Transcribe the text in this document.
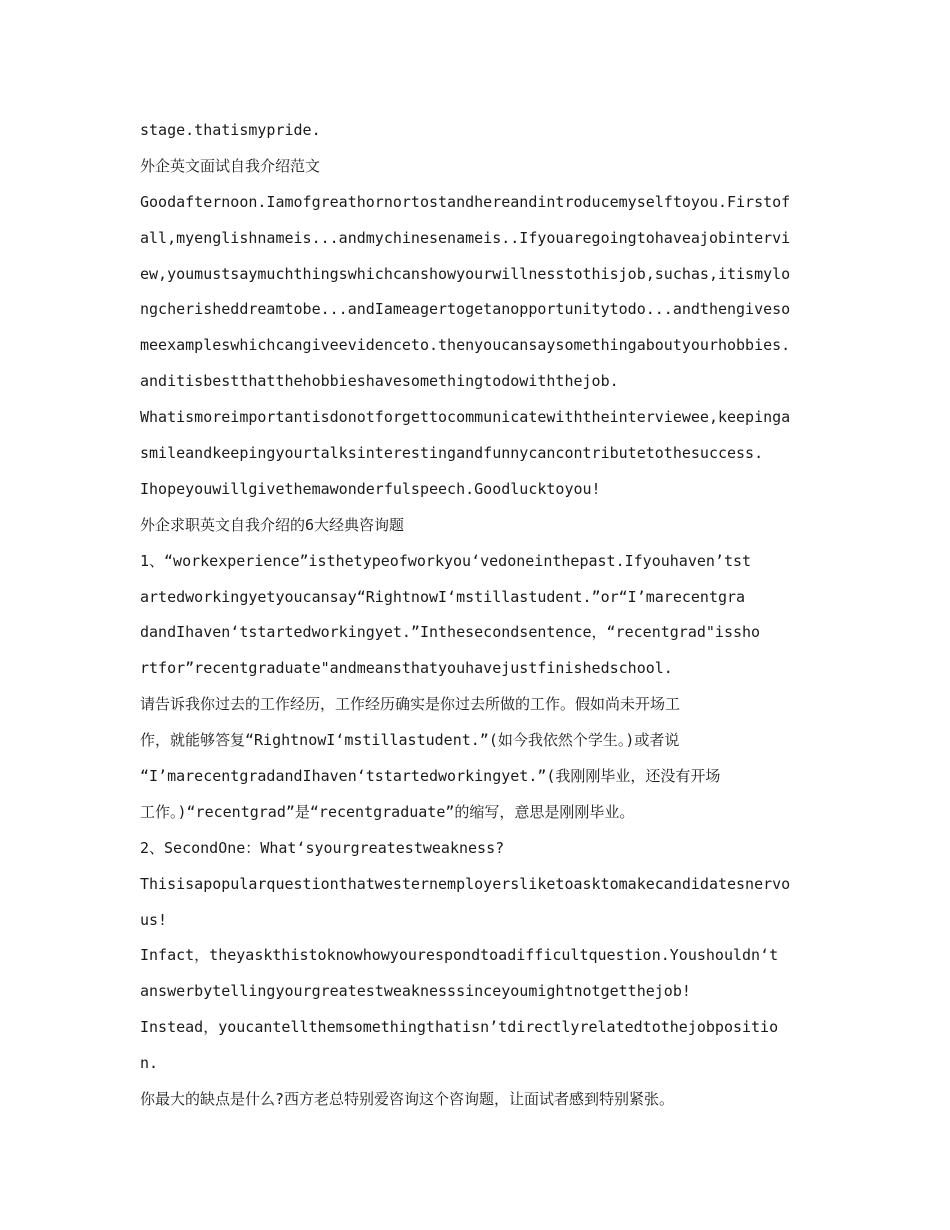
stage.thatismypride.
外企英文面试自我介绍范文
Goodafternoon.Iamofgreathornortostandhereandintroducemyselftoyou.Firstof
all,myenglishnameis...andmychinesenameis..Ifyouaregoingtohaveajobintervi
ew,youmustsaymuchthingswhichcanshowyourwillnesstothisjob,suchas,itismylo
ngcherisheddreamtobe...andIameagertogetanopportunitytodo...andthengiveso
meexampleswhichcangiveevidenceto.thenyoucansaysomethingaboutyourhobbies.
anditisbestthatthehobbieshavesomethingtodowiththejob.
Whatismoreimportantisdonotforgettocommunicatewiththeinterviewee,keepinga
smileandkeepingyourtalksinterestingandfunnycancontributetothesuccess.
Ihopeyouwillgivethemawonderfulspeech.Goodlucktoyou!
外企求职英文自我介绍的6大经典咨询题
1、“workexperience”isthetypeofworkyou‘vedoneinthepast.Ifyouhaven’tst
artedworkingyetyoucansay“RightnowI‘mstillastudent.”or“I’marecentgra
dandIhaven‘tstartedworkingyet.”Inthesecondsentence，“recentgrad"issho
rtfor”recentgraduate"andmeansthatyouhavejustfinishedschool.
请告诉我你过去的工作经历，工作经历确实是你过去所做的工作。假如尚未开场工
作，就能够答复“RightnowI‘mstillastudent.”(如今我依然个学生。)或者说
“I’marecentgradandIhaven‘tstartedworkingyet.”(我刚刚毕业，还没有开场
工作。)“recentgrad”是“recentgraduate”的缩写，意思是刚刚毕业。
2、SecondOne：What‘syourgreatestweakness?
Thisisapopularquestionthatwesternemployersliketoasktomakecandidatesnervo
us!
Infact，theyaskthistoknowhowyourespondtoadifficultquestion.Youshouldn‘t
answerbytellingyourgreatestweaknesssinceyoumightnotgetthejob!
Instead，youcantellthemsomethingthatisn’tdirectlyrelatedtothejobpositio
n.
你最大的缺点是什么?西方老总特别爱咨询这个咨询题，让面试者感到特别紧张。
